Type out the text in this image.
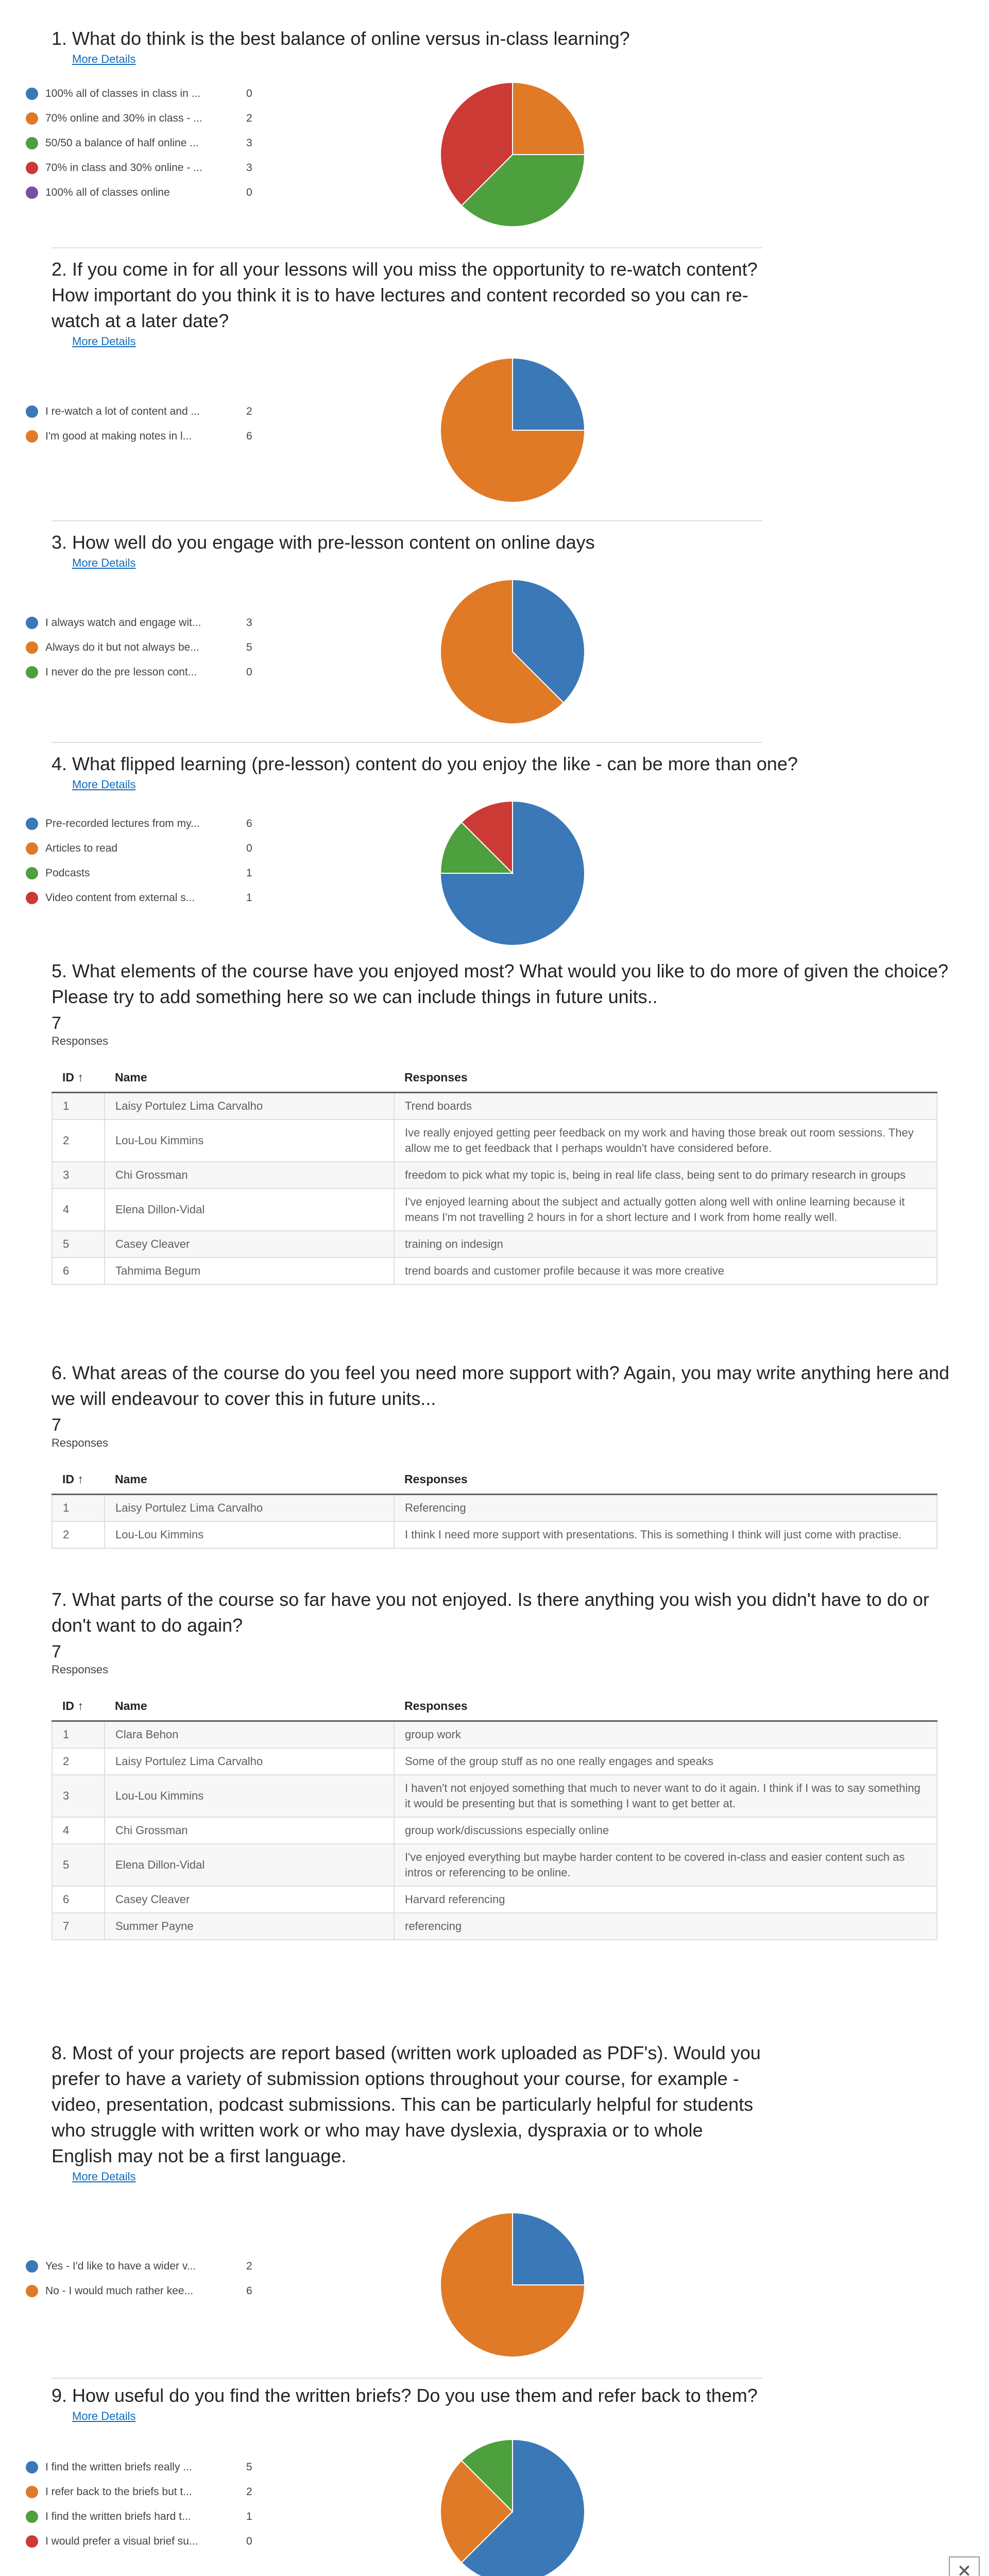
1. What do think is the best balance of online versus in-class learning?

More Details
100% all of classes in class in ...	0
70% online and 30% in class - ...	2
50/50 a balance of half online ...	3
70% in class and 30% online - ...	3
100% all of classes online	0

2. If you come in for all your lessons will you miss the opportunity to re-watch content? How important do you think it is to have lectures and content recorded so you can re-watch at a later date?

More Details
I re-watch a lot of content and ...	2
I'm good at making notes in l...	6

3. How well do you engage with pre-lesson content on online days

More Details
I always watch and engage wit...	3
Always do it but not always be...	5
I never do the pre lesson cont...	0

4. What flipped learning (pre-lesson) content do you enjoy the like - can be more than one?

More Details
Pre-recorded lectures from my...	6
Articles to read	0
Podcasts	1
Video content from external s...	1

5. What elements of the course have you enjoyed most? What would you like to do more of given the choice? Please try to add something here so we can include things in future units..

7
Responses
ID ↑	Name	Responses
1	Laisy Portulez Lima Carvalho	Trend boards
2	Lou-Lou Kimmins	Ive really enjoyed getting peer feedback on my work and having those break out room sessions. They allow me to get feedback that I perhaps wouldn't have considered before.
3	Chi Grossman	freedom to pick what my topic is, being in real life class, being sent to do primary research in groups
4	Elena Dillon-Vidal	I've enjoyed learning about the subject and actually gotten along well with online learning because it means I'm not travelling 2 hours in for a short lecture and I work from home really well.
5	Casey Cleaver	training on indesign
6	Tahmima Begum	trend boards and customer profile because it was more creative

6. What areas of the course do you feel you need more support with? Again, you may write anything here and we will endeavour to cover this in future units...

7
Responses
ID ↑	Name	Responses
1	Laisy Portulez Lima Carvalho	Referencing
2	Lou-Lou Kimmins	I think I need more support with presentations. This is something I think will just come with practise.

7. What parts of the course so far have you not enjoyed. Is there anything you wish you didn't have to do or don't want to do again?

7
Responses
ID ↑	Name	Responses
1	Clara Behon	group work
2	Laisy Portulez Lima Carvalho	Some of the group stuff as no one really engages and speaks
3	Lou-Lou Kimmins	I haven't not enjoyed something that much to never want to do it again. I think if I was to say something it would be presenting but that is something I want to get better at.
4	Chi Grossman	group work/discussions especially online
5	Elena Dillon-Vidal	I've enjoyed everything but maybe harder content to be covered in-class and easier content such as intros or referencing to be online.
6	Casey Cleaver	Harvard referencing
7	Summer Payne	referencing

8. Most of your projects are report based (written work uploaded as PDF's). Would you prefer to have a variety of submission options throughout your course, for example - video, presentation, podcast submissions. This can be particularly helpful for students who struggle with written work or who may have dyslexia, dyspraxia or to whole English may not be a first language.

More Details
Yes - I'd like to have a wider v...	2
No - I would much rather kee...	6

9. How useful do you find the written briefs? Do you use them and refer back to them?

More Details
I find the written briefs really ...	5
I refer back to the briefs but t...	2
I find the written briefs hard t...	1
I would prefer a visual brief su...	0

✕
